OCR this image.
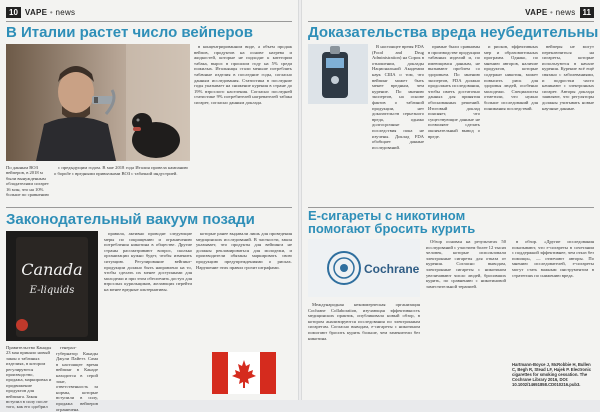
10 VAPE • news
В Италии растет число вейперов
По данным ВОЗ вейперов, в 2018 м были вынужденным обладателями сигарет 16 млн, что на 10% больше по сравнению

с предыдущим годом. В мае 2018 года Италия провела кампанию о борьбе с вредными привычками ВОЗ с табачной индустрией.

в концентрированном виде, а объем продаж вейпов, продуктов на основе нагрева и жидкостей, которые не подходят к категории табака, вырос в прошлом году на 5% среди пожилых. Итальянцы стали меньше потреблять табачные изделия в последние годы, согласно данным исследования. Статистика в последние годы указывает на снижение курения в стране до 19% взрослого населения. Согласно последней статистике 9% потребителей нагревателей табака сигарет, согласно данным доклада.

Законодательный вакуум позади
Canada
E-liquids
Правительство Канады 23 мая приняло новый закон о табачных изделиях, в котором регулируются производство, продажа, маркировка и продвижение продуктов для вейпинга. Закон вступил в силу после того, как его одобрил

генерал-губернатор Канады Джули Пайетт. Сама в настоящее время вейпинг в Канаде находится в серой зоне, ответственность за нормы, которые вступили в силу, продажа вейперов ограничена.

правила, активно проводят следующие меры по сокращению и ограничению потребления никотина в обществе. Другие страны рассматривают вопрос, сколько организации нужно будет, чтобы изменить ситуацию. Регулирование вейпинг-продукции должно быть направлено на то, чтобы сделать их менее доступными для молодежи и при этом обеспечить доступ для взрослых курильщиков, желающих перейти на менее вредные альтернативы.

которые ранее выдавали лишь для проведения медицинских исследований. В частности, закон указывает, что продукты для вейпинга не должны рекламироваться для молодежи, и производители обязаны маркировать свою продукцию предупреждениями о рисках. Нарушение этих правил грозит штрафами.

VAPE • news 11
Доказательства вреда неубедительны

В настоящее время FDA (Food and Drug Administration) на Сорок в отношении, доклады Национальной Академии наук США о том, что вейпинг может быть менее вредным, чем курение. По мнению экспертов, на основе фактов о табачной продукции, нет доказательств серьезного вреда, однако долгосрочные последствия пока не изучены. Доклад FDA обобщает данные исследований.

прямые были сравнимы в производстве продукции табачных изделий и, по имеющимся данным, не вызывают проблем со здоровьем. По мнению экспертов, FDA должно продолжать исследования, чтобы иметь достаточно данных для принятия обоснованных решений. Итоговый доклад поясняет, что существующие данные не позволяют сделать окончательный вывод о вреде.

и рисков, эффективных мер и образовательных программ. Однако, по мнению авторов, наличие продуктов, которые содержат никотин, может повысить риск для здоровья людей, особенно молодежи. Специалисты отметили, что нужно больше исследований для понимания последствий.

вейперы не могут переключиться на сигареты, которые используются в начале курения. Курение всё ещё связано с заболеваниями, и подростки часто начинают с электронных сигарет. Авторы доклада заявляют, что регуляторы должны учитывать новые научные данные.

Е-сигареты с никотином
помогают бросить курить
Cochrane

Международная некоммерческая организация Cochrane Collaboration, изучающая эффективность медицинских практик, опубликовала новый обзор, в котором анализируются исследования по электронным сигаретам. Согласно выводам, е-сигареты с никотином помогают бросить курить больше, чем заменители без никотина.

Обзор основан на результатах 50 исследований с участием более 12 тысяч человек, которые использовали электронные сигареты для отказа от курения. Согласно выводам, электронные сигареты с никотином увеличивают число людей, бросивших курить, по сравнению с никотиновой заместительной терапией.

в обзор. «Другие исследования показывают, что е-сигареты в сочетании с поддержкой эффективнее, чем отказ без помощи», — отмечают авторы. По мнению исследователей, е-сигареты могут стать важным инструментом в стратегиях по снижению вреда.

Hartmann-Boyce J, McRobbie H, Bullen C, Begh R, Stead LF, Hajek P. Electronic cigarettes for smoking cessation. The Cochrane Library 2016, DOI: 10.1002/14651858.CD010216.pub3.
